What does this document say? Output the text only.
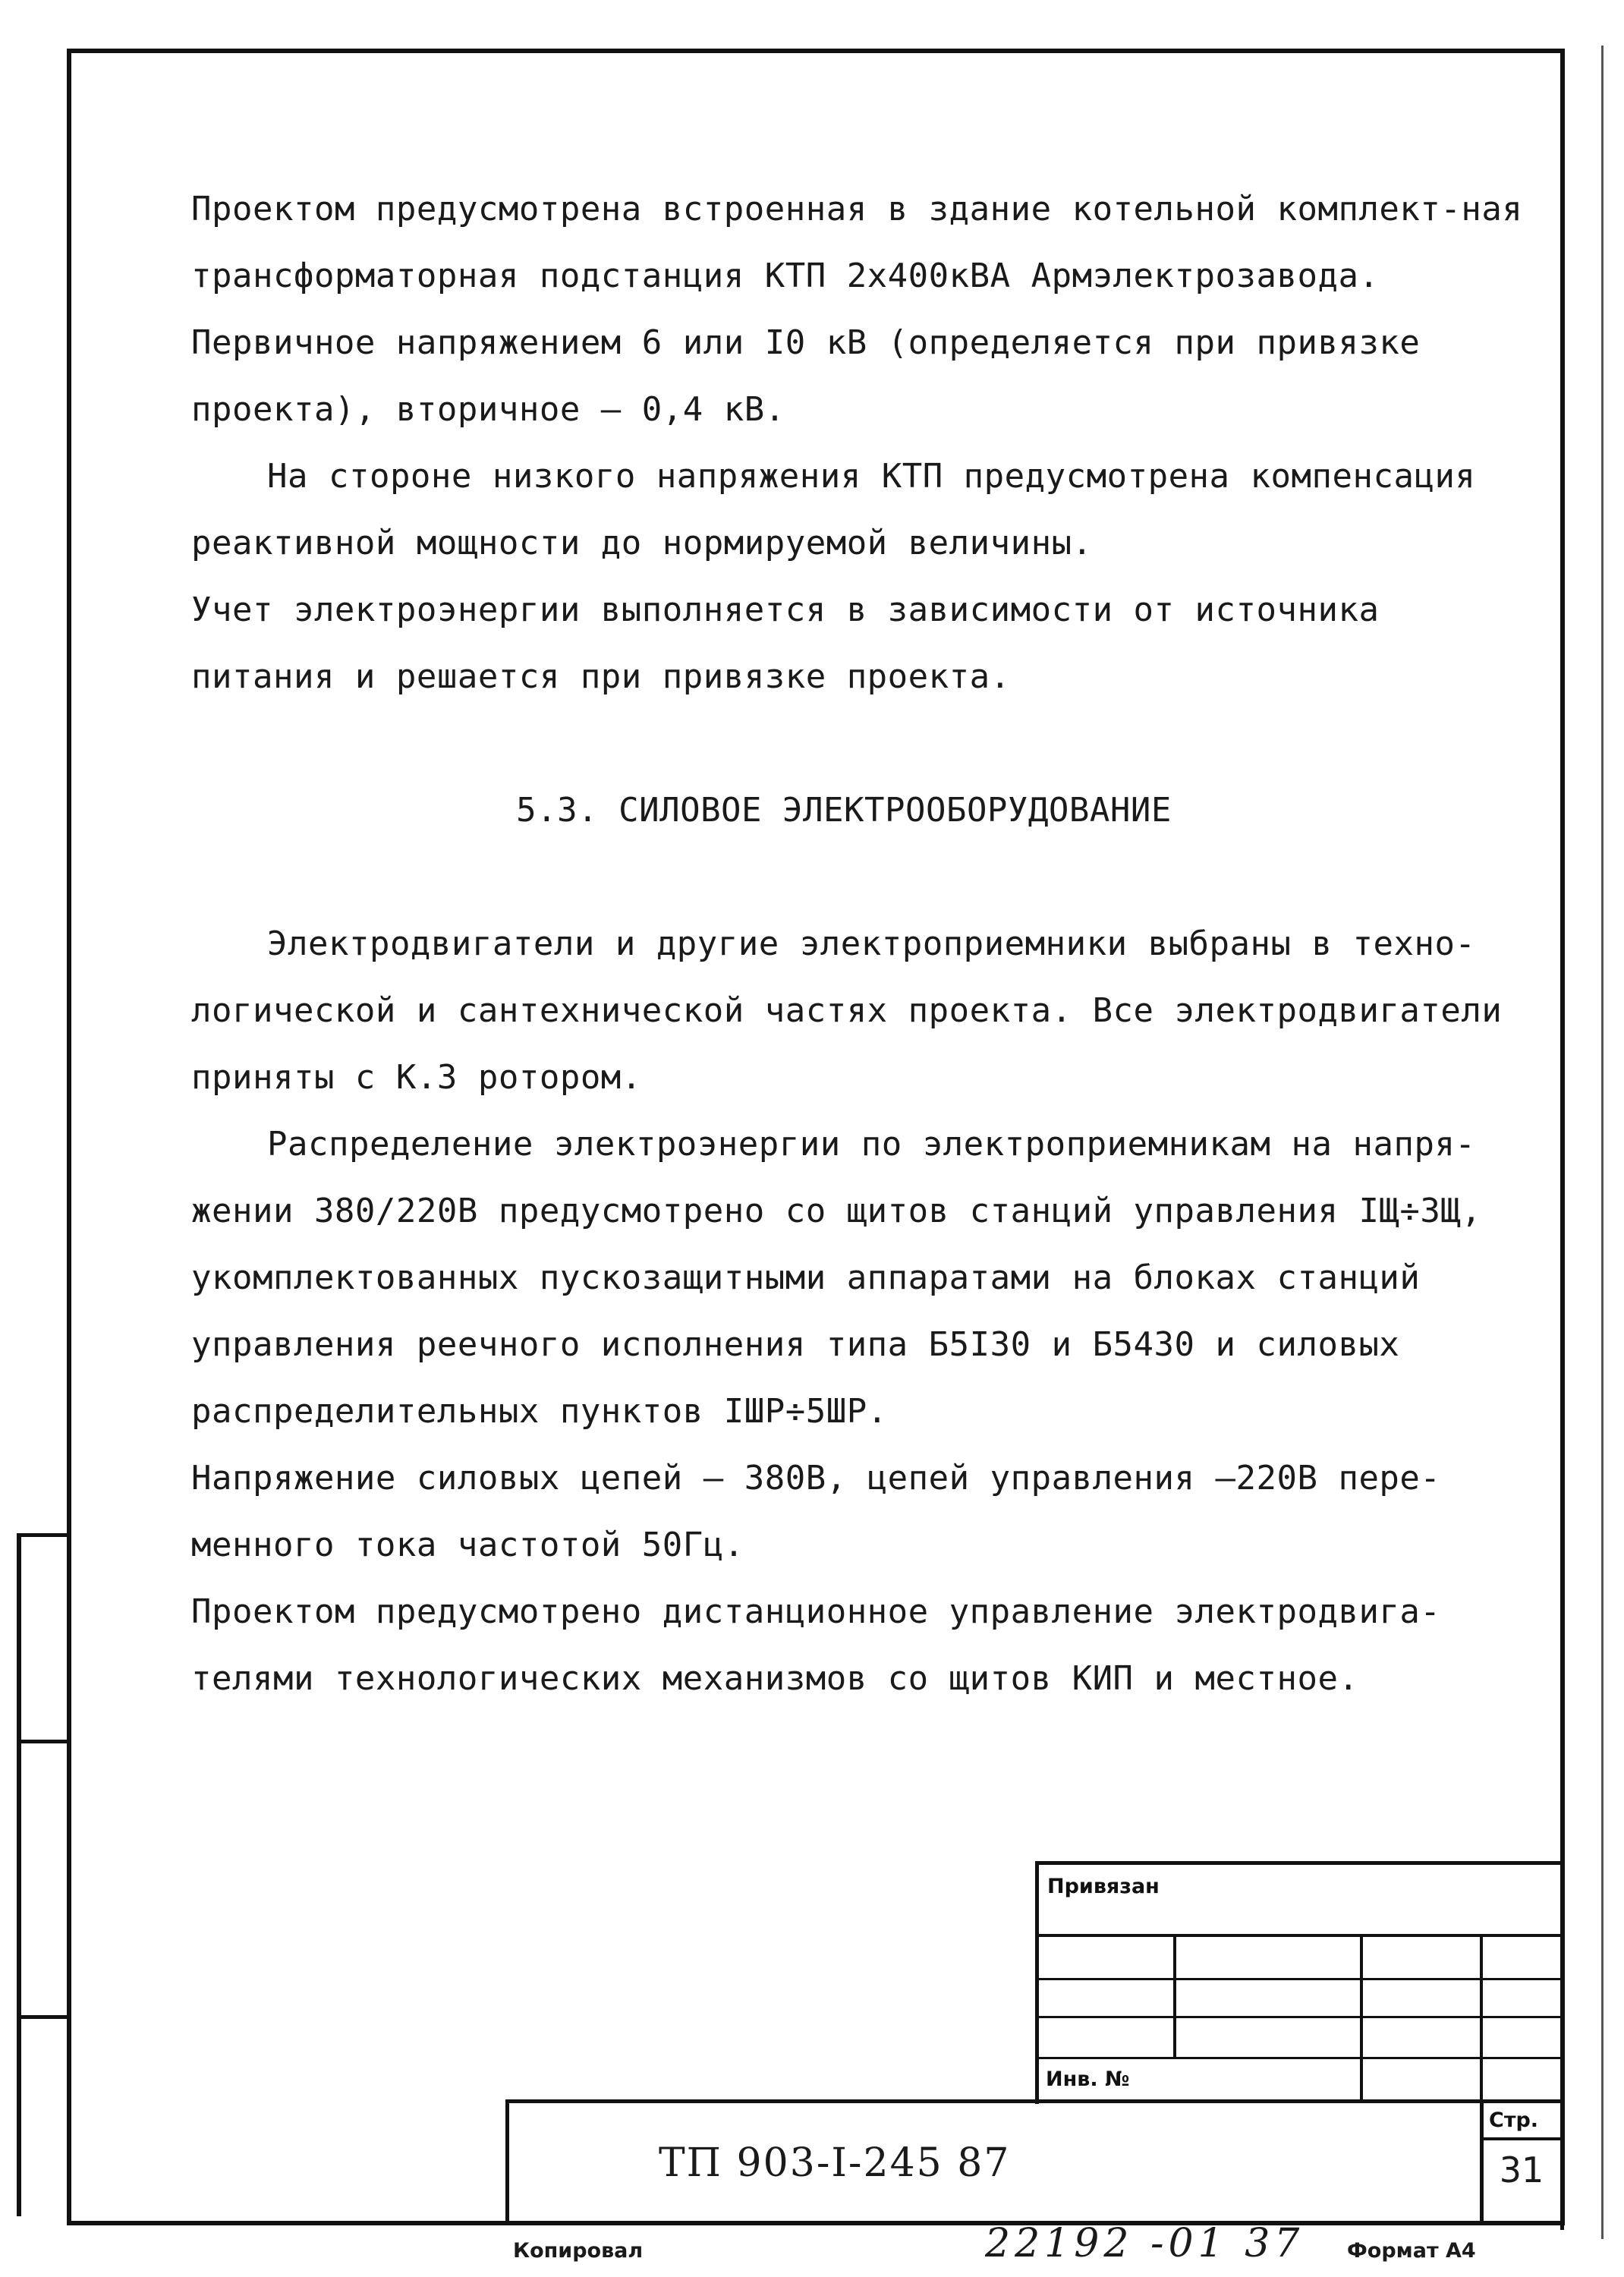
Проектом предусмотрена встроенная в здание котельной комплект-ная трансформаторная подстанция КТП 2х400кВА Армэлектрозавода. Первичное напряжением 6 или I0 кВ (определяется при привязке проекта), вторичное – 0,4 кВ.

На стороне низкого напряжения КТП предусмотрена компенсация реактивной мощности до нормируемой величины.

Учет электроэнергии выполняется в зависимости от источника питания и решается при привязке проекта.

5.3. СИЛОВОЕ ЭЛЕКТРООБОРУДОВАНИЕ

Электродвигатели и другие электроприемники выбраны в техно-логической и сантехнической частях проекта. Все электродвигатели приняты с К.З ротором.

Распределение электроэнергии по электроприемникам на напря-жении 380/220В предусмотрено со щитов станций управления IЩ÷3Щ, укомплектованных пускозащитными аппаратами на блоках станций управления реечного исполнения типа Б5I30 и Б5430 и силовых распределительных пунктов IШР÷5ШР.

Напряжение силовых цепей – 380В, цепей управления –220В пере-менного тока частотой 50Гц.

Проектом предусмотрено дистанционное управление электродвига-телями технологических механизмов со щитов КИП и местное.

Привязан
Инв. №
Стр.
ТП 903-I-245 87	31
Копировал	22192 -01 37 Формат А4
